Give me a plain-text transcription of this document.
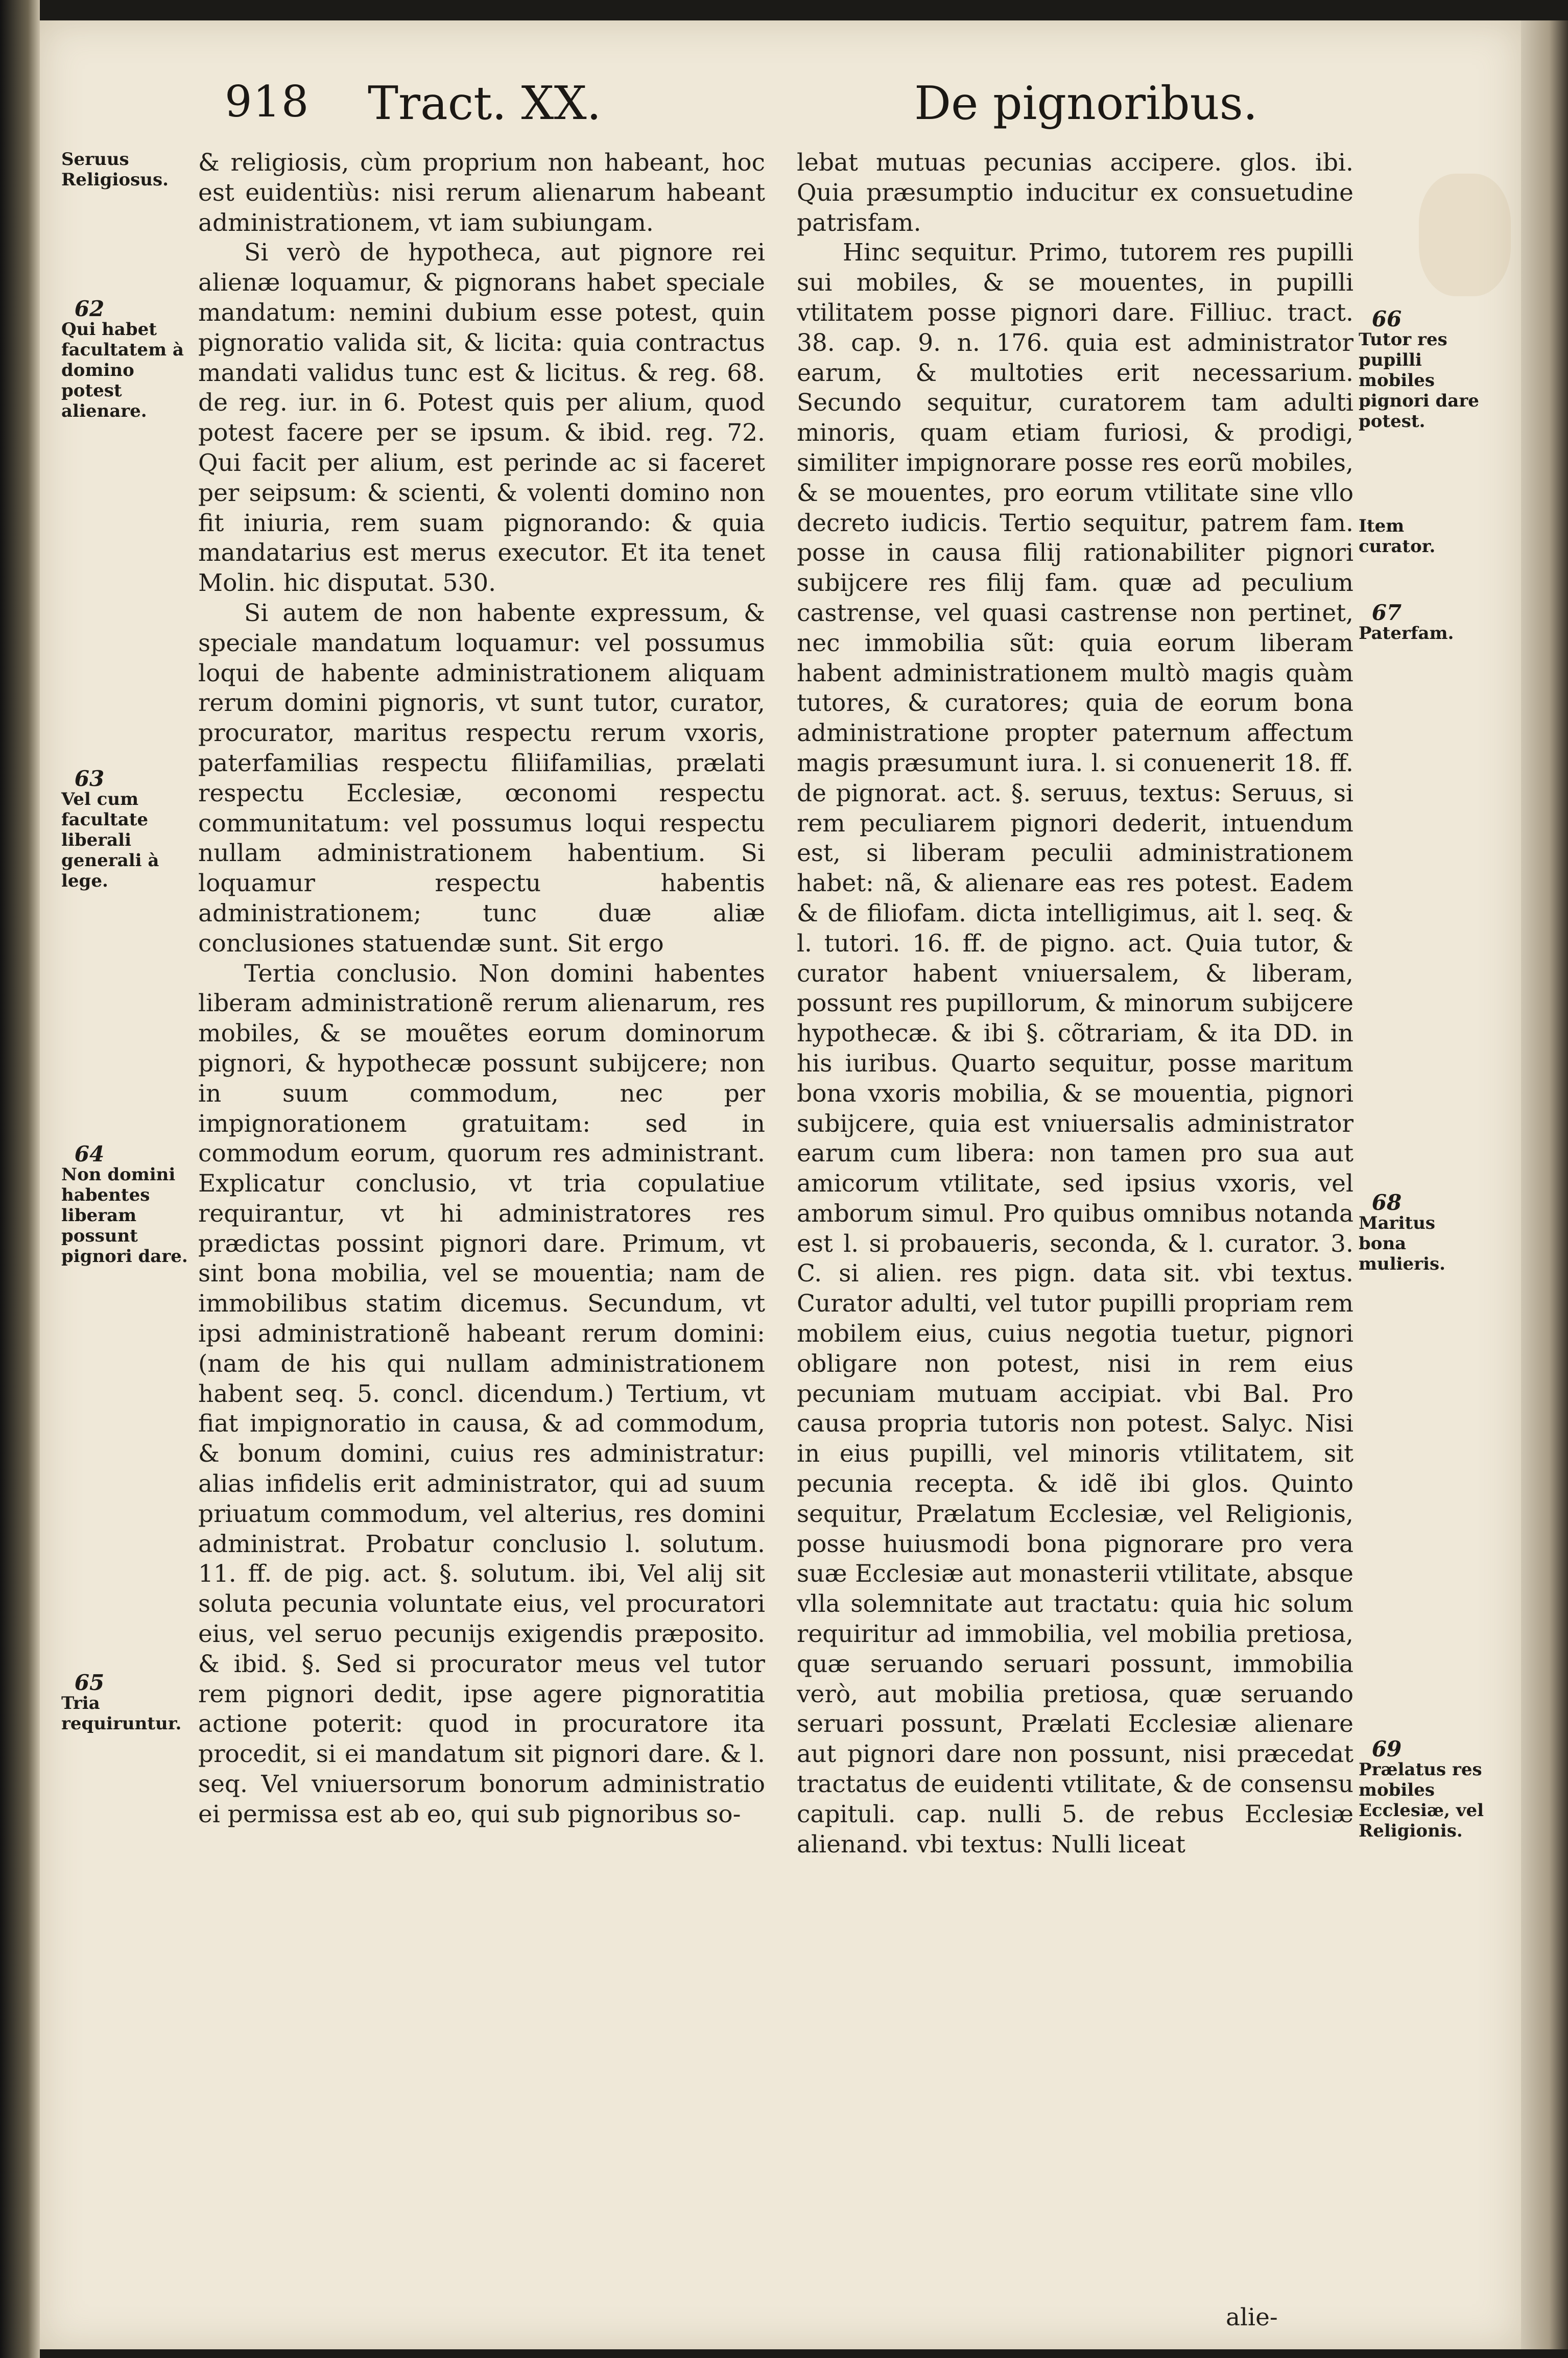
918 Tract. XX.	De pignoribus.

& religiosis, cùm proprium non habeant, hoc est euidentiùs: nisi rerum alienarum habeant administrationem, vt iam subiungam.

Si verò de hypotheca, aut pignore rei alienæ loquamur, & pignorans habet speciale mandatum: nemini dubium esse potest, quin pignoratio valida sit, & licita: quia contractus mandati validus tunc est & licitus. & reg. 68. de reg. iur. in 6. Potest quis per alium, quod potest facere per se ipsum. & ibid. reg. 72. Qui facit per alium, est perinde ac si faceret per seipsum: & scienti, & volenti domino non fit iniuria, rem suam pignorando: & quia mandatarius est merus executor. Et ita tenet Molin. hic disputat. 530.

Si autem de non habente expressum, & speciale mandatum loquamur: vel possumus loqui de habente administrationem aliquam rerum domini pignoris, vt sunt tutor, curator, procurator, maritus respectu rerum vxoris, paterfamilias respectu filiifamilias, prælati respectu Ecclesiæ, œconomi respectu communitatum: vel possumus loqui respectu nullam administrationem habentium. Si loquamur respectu habentis administrationem; tunc duæ aliæ conclusiones statuendæ sunt. Sit ergo

Tertia conclusio. Non domini habentes liberam administrationẽ rerum alienarum, res mobiles, & se mouẽtes eorum dominorum pignori, & hypothecæ possunt subijcere; non in suum commodum, nec per impignorationem gratuitam: sed in commodum eorum, quorum res administrant. Explicatur conclusio, vt tria copulatiue requirantur, vt hi administratores res prædictas possint pignori dare. Primum, vt sint bona mobilia, vel se mouentia; nam de immobilibus statim dicemus. Secundum, vt ipsi administrationẽ habeant rerum domini: (nam de his qui nullam administrationem habent seq. 5. concl. dicendum.) Tertium, vt fiat impignoratio in causa, & ad commodum, & bonum domini, cuius res administratur: alias infidelis erit administrator, qui ad suum priuatum commodum, vel alterius, res domini administrat. Probatur conclusio l. solutum. 11. ff. de pig. act. §. solutum. ibi, Vel alij sit soluta pecunia voluntate eius, vel procuratori eius, vel seruo pecunijs exigendis præposito. & ibid. §. Sed si procurator meus vel tutor rem pignori dedit, ipse agere pignoratitia actione poterit: quod in procuratore ita procedit, si ei mandatum sit pignori dare. & l. seq. Vel vniuersorum bonorum administratio ei permissa est ab eo, qui sub pignoribus so-

lebat mutuas pecunias accipere. glos. ibi. Quia præsumptio inducitur ex consuetudine patrisfam.

Hinc sequitur. Primo, tutorem res pupilli sui mobiles, & se mouentes, in pupilli vtilitatem posse pignori dare. Filliuc. tract. 38. cap. 9. n. 176. quia est administrator earum, & multoties erit necessarium. Secundo sequitur, curatorem tam adulti minoris, quam etiam furiosi, & prodigi, similiter impignorare posse res eorũ mobiles, & se mouentes, pro eorum vtilitate sine vllo decreto iudicis. Tertio sequitur, patrem fam. posse in causa filij rationabiliter pignori subijcere res filij fam. quæ ad peculium castrense, vel quasi castrense non pertinet, nec immobilia sũt: quia eorum liberam habent administrationem multò magis quàm tutores, & curatores; quia de eorum bona administratione propter paternum affectum magis præsumunt iura. l. si conuenerit 18. ff. de pignorat. act. §. seruus, textus: Seruus, si rem peculiarem pignori dederit, intuendum est, si liberam peculii administrationem habet: nã, & alienare eas res potest. Eadem & de filiofam. dicta intelligimus, ait l. seq. & l. tutori. 16. ff. de pigno. act. Quia tutor, & curator habent vniuersalem, & liberam, possunt res pupillorum, & minorum subijcere hypothecæ. & ibi §. cõtrariam, & ita DD. in his iuribus. Quarto sequitur, posse maritum bona vxoris mobilia, & se mouentia, pignori subijcere, quia est vniuersalis administrator earum cum libera: non tamen pro sua aut amicorum vtilitate, sed ipsius vxoris, vel amborum simul. Pro quibus omnibus notanda est l. si probaueris, seconda, & l. curator. 3. C. si alien. res pign. data sit. vbi textus. Curator adulti, vel tutor pupilli propriam rem mobilem eius, cuius negotia tuetur, pignori obligare non potest, nisi in rem eius pecuniam mutuam accipiat. vbi Bal. Pro causa propria tutoris non potest. Salyc. Nisi in eius pupilli, vel minoris vtilitatem, sit pecunia recepta. & idẽ ibi glos. Quinto sequitur, Prælatum Ecclesiæ, vel Religionis, posse huiusmodi bona pignorare pro vera suæ Ecclesiæ aut monasterii vtilitate, absque vlla solemnitate aut tractatu: quia hic solum requiritur ad immobilia, vel mobilia pretiosa, quæ seruando seruari possunt, immobilia verò, aut mobilia pretiosa, quæ seruando seruari possunt, Prælati Ecclesiæ alienare aut pignori dare non possunt, nisi præcedat tractatus de euidenti vtilitate, & de consensu capituli. cap. nulli 5. de rebus Ecclesiæ alienand. vbi textus: Nulli liceat

alie-
Seruus Religiosus.
62
Qui habet facultatem à domino potest alienare.
63
Vel cum facultate liberali generali à lege.
64
Non domini habentes liberam possunt pignori dare.
65
Tria requiruntur.
66
Tutor res pupilli mobiles pignori dare potest.
Item curator.
67
Paterfam.
68
Maritus bona mulieris.
69
Prælatus res mobiles Ecclesiæ, vel Religionis.
